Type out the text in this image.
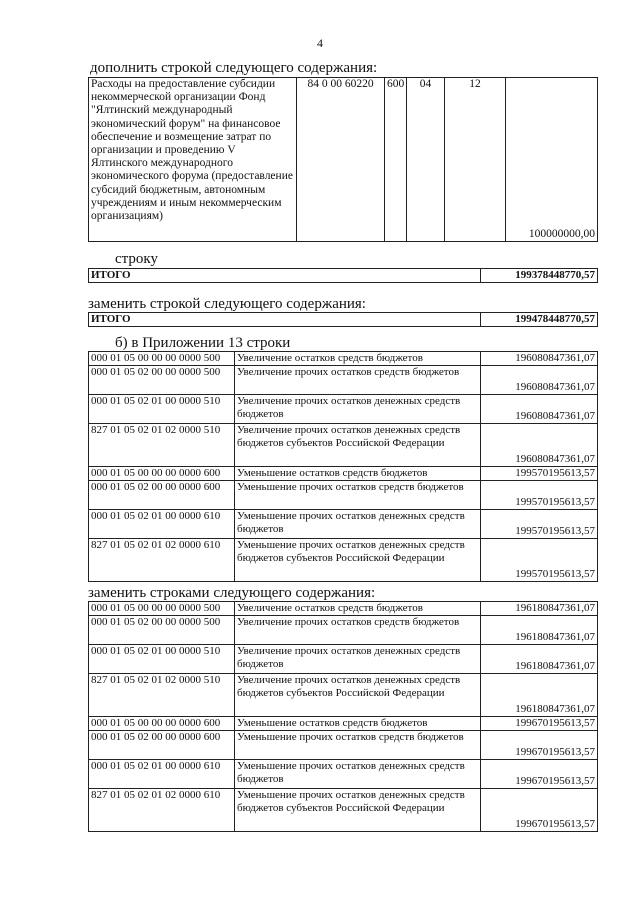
4
дополнить строкой следующего содержания:
Расходы на предоставление субсидии некоммерческой организации Фонд "Ялтинский международный экономический форум" на финансовое обеспечение и возмещение затрат по организации и проведению V Ялтинского международного экономического форума (предоставление субсидий бюджетным, автономным учреждениям и иным некоммерческим организациям)	84 0 00 60220	600	04	12	100000000,00
строку
ИТОГО	199378448770,57
заменить строкой следующего содержания:
ИТОГО	199478448770,57
б) в Приложении 13 строки
000 01 05 00 00 00 0000 500	Увеличение остатков средств бюджетов	196080847361,07
000 01 05 02 00 00 0000 500	Увеличение прочих остатков средств бюджетов	196080847361,07
000 01 05 02 01 00 0000 510	Увеличение прочих остатков денежных средств бюджетов	196080847361,07
827 01 05 02 01 02 0000 510	Увеличение прочих остатков денежных средств бюджетов субъектов Российской Федерации	196080847361,07
000 01 05 00 00 00 0000 600	Уменьшение остатков средств бюджетов	199570195613,57
000 01 05 02 00 00 0000 600	Уменьшение прочих остатков средств бюджетов	199570195613,57
000 01 05 02 01 00 0000 610	Уменьшение прочих остатков денежных средств бюджетов	199570195613,57
827 01 05 02 01 02 0000 610	Уменьшение прочих остатков денежных средств бюджетов субъектов Российской Федерации	199570195613,57
заменить строками следующего содержания:
000 01 05 00 00 00 0000 500	Увеличение остатков средств бюджетов	196180847361,07
000 01 05 02 00 00 0000 500	Увеличение прочих остатков средств бюджетов	196180847361,07
000 01 05 02 01 00 0000 510	Увеличение прочих остатков денежных средств бюджетов	196180847361,07
827 01 05 02 01 02 0000 510	Увеличение прочих остатков денежных средств бюджетов субъектов Российской Федерации	196180847361,07
000 01 05 00 00 00 0000 600	Уменьшение остатков средств бюджетов	199670195613,57
000 01 05 02 00 00 0000 600	Уменьшение прочих остатков средств бюджетов	199670195613,57
000 01 05 02 01 00 0000 610	Уменьшение прочих остатков денежных средств бюджетов	199670195613,57
827 01 05 02 01 02 0000 610	Уменьшение прочих остатков денежных средств бюджетов субъектов Российской Федерации	199670195613,57
